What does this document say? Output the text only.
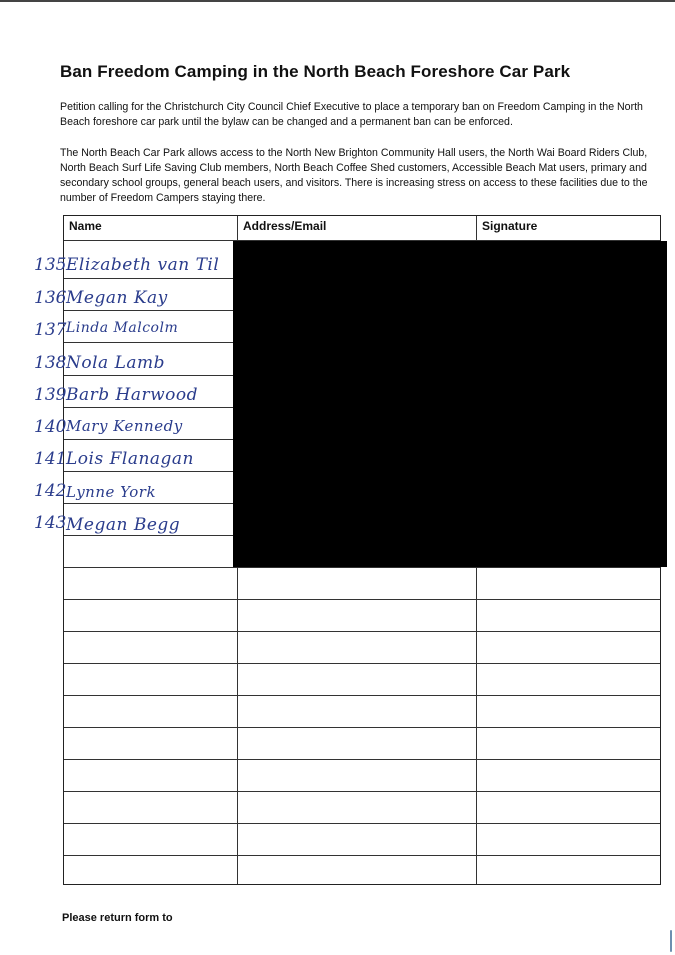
Ban Freedom Camping in the North Beach Foreshore Car Park

Petition calling for the Christchurch City Council Chief Executive to place a temporary ban on Freedom Camping in the North Beach foreshore car park until the bylaw can be changed and a permanent ban can be enforced.

The North Beach Car Park allows access to the North New Brighton Community Hall users, the North Wai Board Riders Club, North Beach Surf Life Saving Club members, North Beach Coffee Shed customers, Accessible Beach Mat users, primary and secondary school groups, general beach users, and visitors. There is increasing stress on access to these facilities due to the number of Freedom Campers staying there.

Name	Address/Email	Signature
135 Elizabeth van Til
136 Megan Kay
137 Linda Malcolm
138 Nola Lamb
139 Barb Harwood
140 Mary Kennedy
141 Lois Flanagan
142 Lynne York
143 Megan Begg
Please return form to
